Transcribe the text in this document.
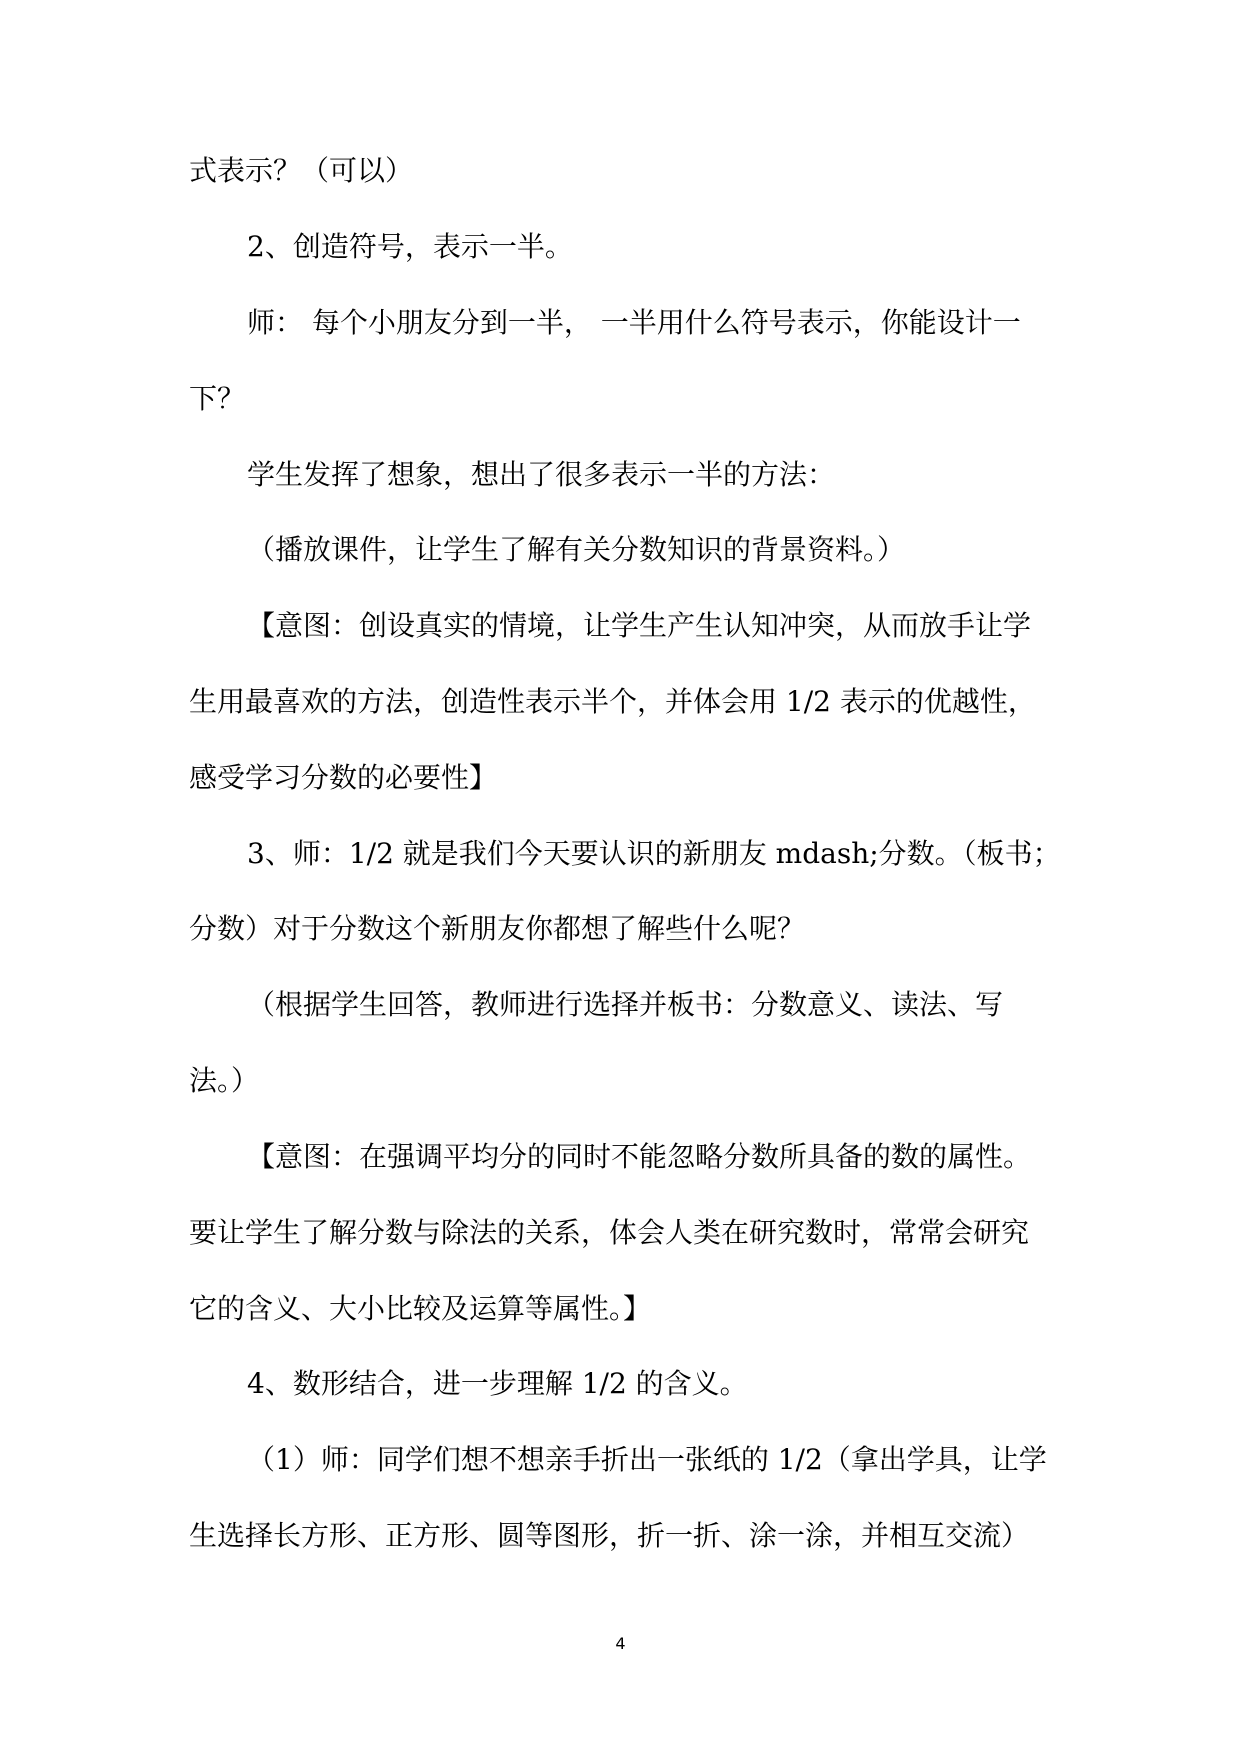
式表示？（可以）
2、创造符号，表示一半。
师： 每个小朋友分到一半， 一半用什么符号表示，你能设计一
下？
学生发挥了想象，想出了很多表示一半的方法：
（播放课件，让学生了解有关分数知识的背景资料。）
【意图：创设真实的情境，让学生产生认知冲突，从而放手让学
生用最喜欢的方法，创造性表示半个，并体会用 1/2 表示的优越性，
感受学习分数的必要性】
3、师：1/2 就是我们今天要认识的新朋友 mdash;分数。（板书；
分数）对于分数这个新朋友你都想了解些什么呢？
（根据学生回答，教师进行选择并板书：分数意义、读法、写
法。）
【意图：在强调平均分的同时不能忽略分数所具备的数的属性。
要让学生了解分数与除法的关系，体会人类在研究数时，常常会研究
它的含义、大小比较及运算等属性。】
4、数形结合，进一步理解 1/2 的含义。
（1）师：同学们想不想亲手折出一张纸的 1/2（拿出学具，让学
生选择长方形、正方形、圆等图形，折一折、涂一涂，并相互交流）
4
